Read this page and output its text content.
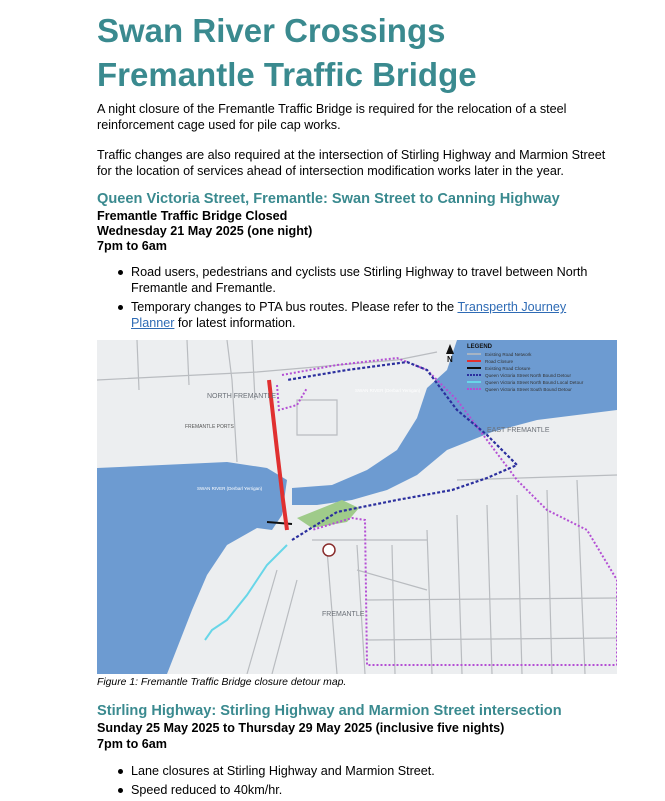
Swan River Crossings
Fremantle Traffic Bridge

A night closure of the Fremantle Traffic Bridge is required for the relocation of a steel reinforcement cage used for pile cap works.

Traffic changes are also required at the intersection of Stirling Highway and Marmion Street for the location of services ahead of intersection modification works later in the year.

Queen Victoria Street, Fremantle: Swan Street to Canning Highway

Fremantle Traffic Bridge Closed

Wednesday 21 May 2025 (one night)

7pm to 6am

Road users, pedestrians and cyclists use Stirling Highway to travel between North Fremantle and Fremantle.
Temporary changes to PTA bus routes. Please refer to the Transperth Journey Planner for latest information.
NORTH FREMANTLE
FREMANTLE PORTS	EAST FREMANTLE
FREMANTLE
SWAN RIVER (Derbarl Yerrigan)
SWAN RIVER (Derbarl Yerrigan)
N
LEGEND
Existing Road Network
Road Closure
Existing Road Closure
Queen Victoria Street North Bound Detour
Queen Victoria Street North Bound Local Detour
Queen Victoria Street South Bound Detour

Figure 1: Fremantle Traffic Bridge closure detour map.

Stirling Highway: Stirling Highway and Marmion Street intersection

Sunday 25 May 2025 to Thursday 29 May 2025 (inclusive five nights)

7pm to 6am

Lane closures at Stirling Highway and Marmion Street.
Speed reduced to 40km/hr.
